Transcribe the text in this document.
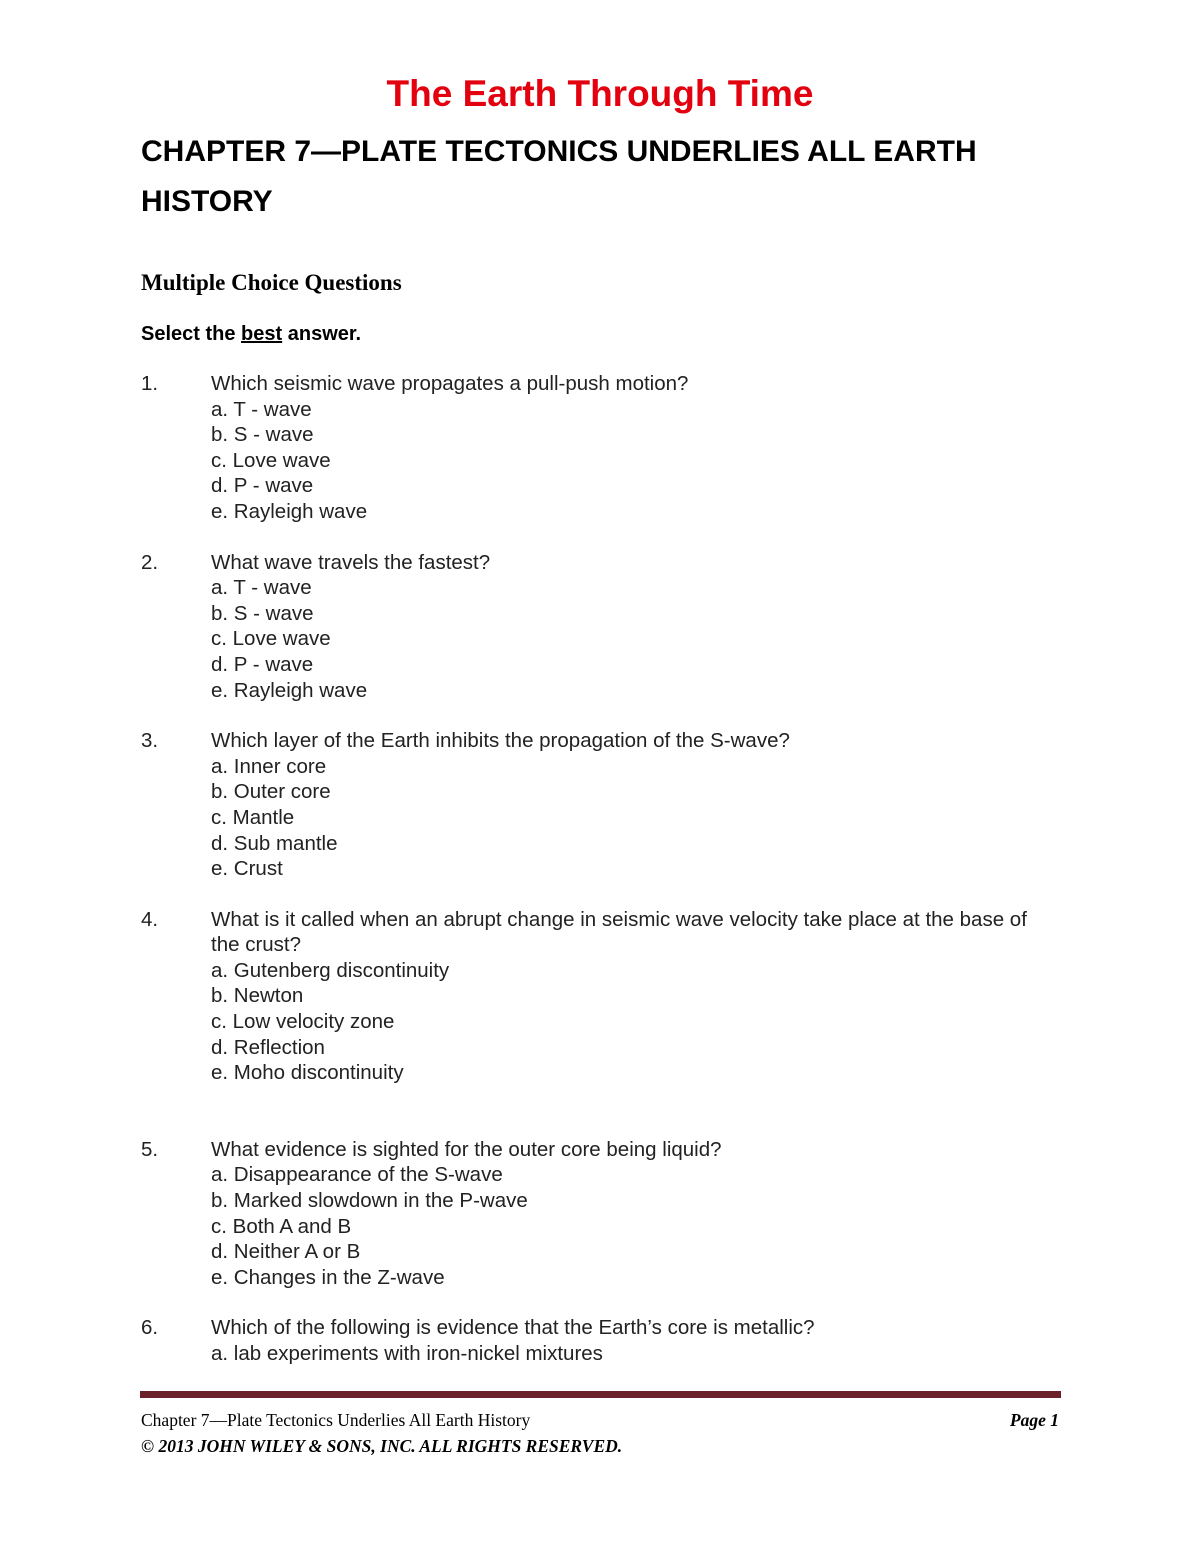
The Earth Through Time
CHAPTER 7—PLATE TECTONICS UNDERLIES ALL EARTH HISTORY
Multiple Choice Questions
Select the best answer.
1.	Which seismic wave propagates a pull-push motion?
a. T - wave
b. S - wave
c. Love wave
d. P - wave
e. Rayleigh wave
2.	What wave travels the fastest?
a. T - wave
b. S - wave
c. Love wave
d. P - wave
e. Rayleigh wave
3.	Which layer of the Earth inhibits the propagation of the S-wave?
a. Inner core
b. Outer core
c. Mantle
d. Sub mantle
e. Crust
4.	What is it called when an abrupt change in seismic wave velocity take place at the base of the crust?
a. Gutenberg discontinuity
b. Newton
c. Low velocity zone
d. Reflection
e. Moho discontinuity
5.	What evidence is sighted for the outer core being liquid?
a. Disappearance of the S-wave
b. Marked slowdown in the P-wave
c. Both A and B
d. Neither A or B
e. Changes in the Z-wave
6.	Which of the following is evidence that the Earth’s core is metallic?
a. lab experiments with iron-nickel mixtures
Chapter 7—Plate Tectonics Underlies All Earth History	Page 1
© 2013 JOHN WILEY & SONS, INC. ALL RIGHTS RESERVED.
